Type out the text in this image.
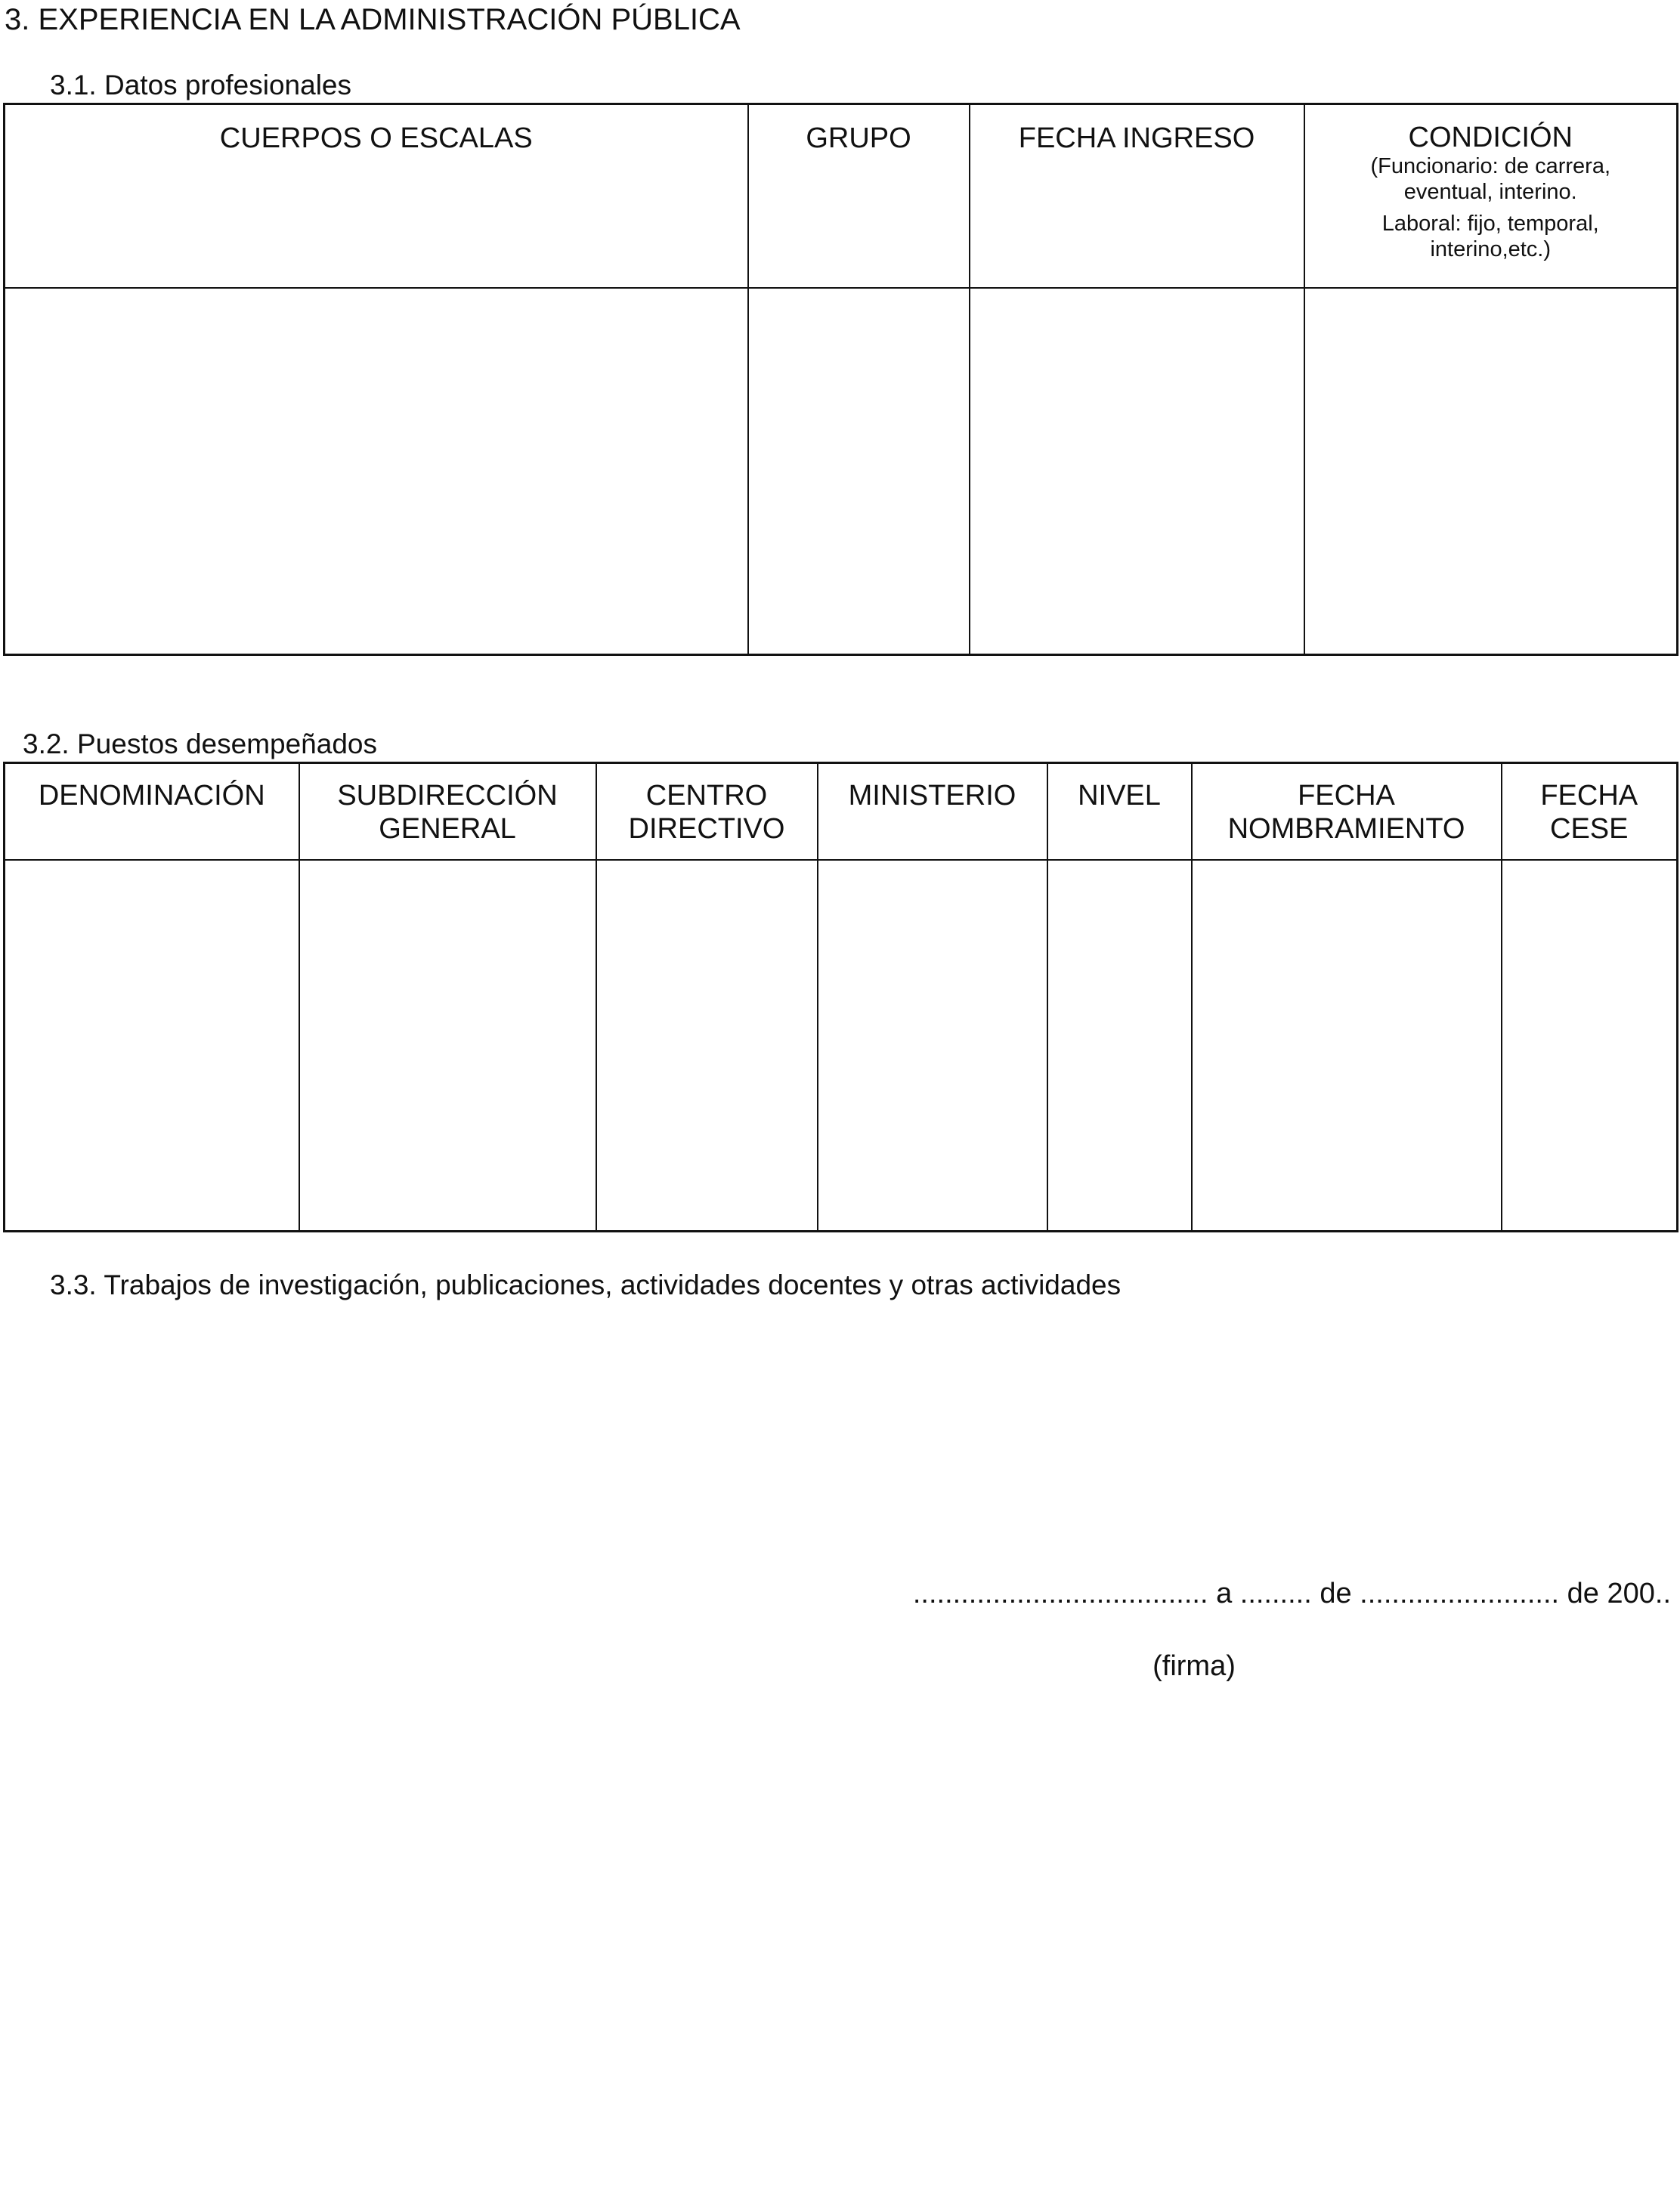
3. EXPERIENCIA EN LA ADMINISTRACIÓN PÚBLICA
3.1. Datos profesionales
CUERPOS O ESCALAS	GRUPO	FECHA INGRESO	CONDICIÓN
(Funcionario: de carrera, eventual, interino.
Laboral: fijo, temporal, interino,etc.)

3.2. Puestos desempeñados
DENOMINACIÓN	SUBDIRECCIÓN GENERAL	CENTRO DIRECTIVO	MINISTERIO	NIVEL	FECHA NOMBRAMIENTO	FECHA CESE

3.3. Trabajos de investigación, publicaciones, actividades docentes y otras actividades
..................................... a ......... de ......................... de 200..
(firma)
